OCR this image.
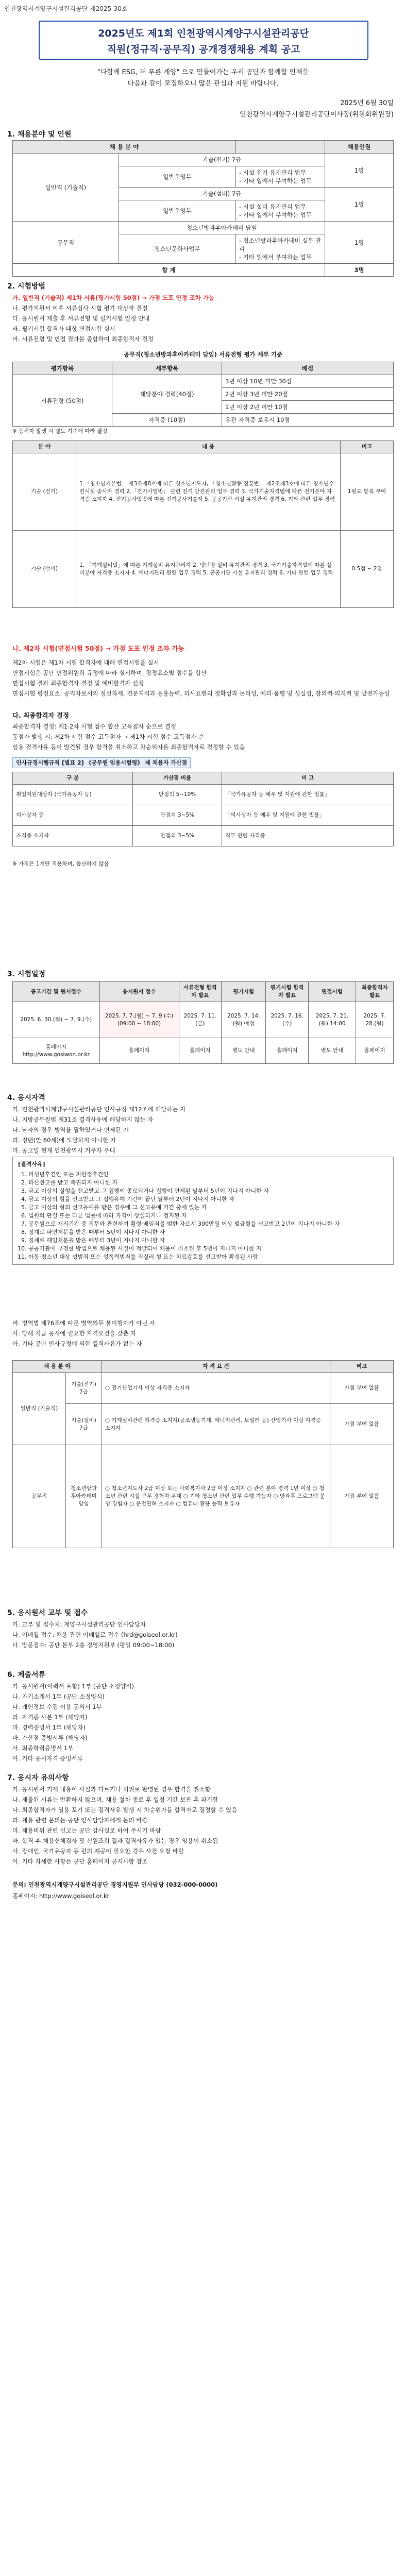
인천광역시계양구시설관리공단 제2025-30호
2025년도 제1회 인천광역시계양구시설관리공단
직원(정규직·공무직) 공개경쟁채용 계획 공고
"다함께 ESG, 더 푸른 계양" 으로 만들어가는 우리 공단과 함께할 인재를
다음과 같이 모집하오니 많은 관심과 지원 바랍니다.
2025년 6월 30일
인천광역시계양구시설관리공단이사장(위원회위원장)
1. 채용분야 및 인원
채 용 분 야			채용인원
일반직 (기술직)	기술(전기) 7급		1명
	일반운영부	- 시설 전기 유지관리 업무
- 기타 일에서 부여하는 업무	
	기술(설비) 7급		1명
	일반운영부	- 시설 설비 유지관리 업무
- 기타 일에서 부여하는 업무	
공무직	청소년방과후아카데미 담임		1명
	청소년문화사업부	- 청소년방과후아카데미 실무 관리
- 기타 일에서 부여하는 업무	
합 계			3명
2. 시험방법

가. 일반직 (기술직) 제1차 서류(평가시험 50점) → 가점 도포 인정 조차 가능

나. 평가지원서 이후 서류심사 시험 평가 대상자 결정

다. 응시원서 제출 후 서류전형 및 필기시험 일정 안내

라. 필기시험 합격자 대상 면접시험 실시

마. 서류전형 및 면접 결과를 종합하여 최종합격자 결정

공무직(청소년방과후아카데미 담임) 서류전형 평가 세부 기준
평가항목	세부항목	배점
서류전형 (50점)	해당분야 경력(40점)	3년 이상 10년 미만 30점
		2년 이상 3년 미만 20점
		1년 이상 2년 미만 10점
	자격증 (10점)	유관 자격증 보유시 10점
※ 동점자 발생 시 별도 기준에 따라 결정
분 야	내 용	비고
기술 (전기)	1.「청소년기본법」 제3조제8호에 따른 청소년지도자, 「청소년활동 진흥법」 제2조제3호에 따른 청소년수련시설 종사자 경력 2.「전기사업법」 관련 전기 안전관리 업무 경력 3. 국가기술자격법에 따른 전기분야 자격증 소지자 4. 전기공사업법에 따른 전기공사기술자 5. 공공기관 시설 유지관리 경력 6. 기타 관련 업무 경력	1필요 항목 부여
기술 (설비)	1. 「기계설비법」에 따른 기계설비 유지관리자 2. 냉난방 설비 유지관리 경력 3. 국가기술자격법에 따른 설비분야 자격증 소지자 4. 에너지관리 관련 업무 경력 5. 공공기관 시설 유지관리 경력 6. 기타 관련 업무 경력	0.5점 ~ 2점
나. 제2차 시험(면접시험 50점) → 가점 도포 인정 조차 가능

제2차 시험은 제1차 시험 합격자에 대해 면접시험을 실시

면접시험은 공단 면접위원회 규정에 따라 실시하며, 평정요소별 점수를 합산

면접시험 결과 최종합격자 결정 및 예비합격자 선정

면접시험 평정요소: 공직자로서의 정신자세, 전문지식과 응용능력, 의사표현의 정확성과 논리성, 예의·품행 및 성실성, 창의력·의지력 및 발전가능성

다. 최종합격자 결정

최종합격자 결정: 제1·2차 시험 점수 합산 고득점자 순으로 결정

동점자 발생 시: 제2차 시험 점수 고득점자 → 제1차 시험 점수 고득점자 순

임용 결격사유 등이 발견될 경우 합격을 취소하고 차순위자를 최종합격자로 결정할 수 있음

인사규정시행규칙 [별표 2] 《공무원 임용시험령》 제 채용자 가산점
구 분	가산점 비율	비 고
취업지원대상자 (국가유공자 등)	만점의 5~10%	「국가유공자 등 예우 및 지원에 관한 법률」
의사상자 등	만점의 3~5%	「의사상자 등 예우 및 지원에 관한 법률」
자격증 소지자	만점의 3~5%	직무 관련 자격증
※ 가점은 1개만 적용하며, 합산하지 않음
3. 시험일정
공고기간 및 원서접수	응시원서 접수	서류전형 합격자 발표	필기시험	필기시험 합격자 발표	면접시험	최종합격자 발표
2025. 6. 30.(월) ~ 7. 9.(수)	2025. 7. 7.(월) ~ 7. 9.(수) (09:00 ~ 18:00)	2025. 7. 11.(금)	2025. 7. 14.(월) 예정	2025. 7. 16.(수)	2025. 7. 21.(월) 14:00	2025. 7. 28.(월)
홈페이지 http://www.gosiwon.or.kr	홈페이지	홈페이지	별도 안내	홈페이지	별도 안내	홈페이지
4. 응시자격

가. 인천광역시계양구시설관리공단 인사규정 제12조에 해당하는 자

나. 지방공무원법 제31조 결격사유에 해당하지 않는 자

다. 남자의 경우 병역을 필하였거나 면제된 자

라. 정년(만 60세)에 도달하지 아니한 자

마. 공고일 현재 인천광역시 거주자 우대

[결격사유]
1. 피성년후견인 또는 피한정후견인
2. 파산선고를 받고 복권되지 아니한 자
3. 금고 이상의 실형을 선고받고 그 집행이 종료되거나 집행이 면제된 날부터 5년이 지나지 아니한 자
4. 금고 이상의 형을 선고받고 그 집행유예 기간이 끝난 날부터 2년이 지나지 아니한 자
5. 금고 이상의 형의 선고유예를 받은 경우에 그 선고유예 기간 중에 있는 자
6. 법원의 판결 또는 다른 법률에 따라 자격이 상실되거나 정지된 자
7. 공무원으로 재직기간 중 직무와 관련하여 횡령·배임죄를 범한 자로서 300만원 이상 벌금형을 선고받고 2년이 지나지 아니한 자
8. 징계로 파면처분을 받은 때부터 5년이 지나지 아니한 자
9. 징계로 해임처분을 받은 때부터 3년이 지나지 아니한 자
10. 공공기관에 부정한 방법으로 채용된 사실이 적발되어 채용이 취소된 후 5년이 지나지 아니한 자
11. 아동·청소년 대상 성범죄 또는 성폭력범죄를 저질러 형 또는 치료감호를 선고받아 확정된 사람

바. 병역법 제76조에 따른 병역의무 불이행자가 아닌 자

사. 당해 직급 응시에 필요한 자격요건을 갖춘 자

아. 기타 공단 인사규정에 의한 결격사유가 없는 자

채 용 분 야		자 격 요 건	비고
일반직 (기술직)	기술(전기) 7급	○ 전기산업기사 이상 자격증 소지자	가점 부여 없음
	기술(설비) 7급	○ 기계설비관련 자격증 소지자(공조냉동기계, 에너지관리, 보일러 등) 산업기사 이상 자격증 소지자	가점 부여 없음
공무직	청소년방과후아카데미 담임	○ 청소년지도사 2급 이상 또는 사회복지사 2급 이상 소지자 ○ 관련 분야 경력 1년 이상 ○ 청소년 관련 시설 근무 경험자 우대 ○ 기타 청소년 관련 업무 수행 가능자 ○ 방과후 프로그램 운영 경험자 ○ 운전면허 소지자 ○ 컴퓨터 활용 능력 보유자	가점 부여 없음
5. 응시원서 교부 및 접수

가. 교부 및 접수처: 계양구시설관리공단 인사담당자

나. 이메일 접수: 채용 관련 이메일로 접수 (hrd@goiseol.or.kr)

다. 방문접수: 공단 본부 2층 경영지원부 (평일 09:00~18:00)

6. 제출서류

가. 응시원서(이력서 포함) 1부 (공단 소정양식)

나. 자기소개서 1부 (공단 소정양식)

다. 개인정보 수집·이용 동의서 1부

라. 자격증 사본 1부 (해당자)

마. 경력증명서 1부 (해당자)

바. 가산점 증빙서류 (해당자)

사. 최종학력증명서 1부

아. 기타 응시자격 증빙서류

7. 응시자 유의사항

가. 응시원서 기재 내용이 사실과 다르거나 허위로 판명된 경우 합격을 취소함

나. 제출된 서류는 반환하지 않으며, 채용 절차 종료 후 일정 기간 보관 후 파기함

다. 최종합격자가 임용 포기 또는 결격사유 발생 시 차순위자를 합격자로 결정할 수 있음

라. 채용 관련 문의는 공단 인사담당자에게 문의 바람

마. 채용비위 관련 신고는 공단 감사실로 하여 주시기 바람

바. 합격 후 채용신체검사 및 신원조회 결과 결격사유가 있는 경우 임용이 취소됨

사. 장애인, 국가유공자 등 편의 제공이 필요한 경우 사전 요청 바람

아. 기타 자세한 사항은 공단 홈페이지 공지사항 참조

문의: 인천광역시계양구시설관리공단 경영지원부 인사담당 (032-000-0000)
홈페이지: http://www.goiseol.or.kr
